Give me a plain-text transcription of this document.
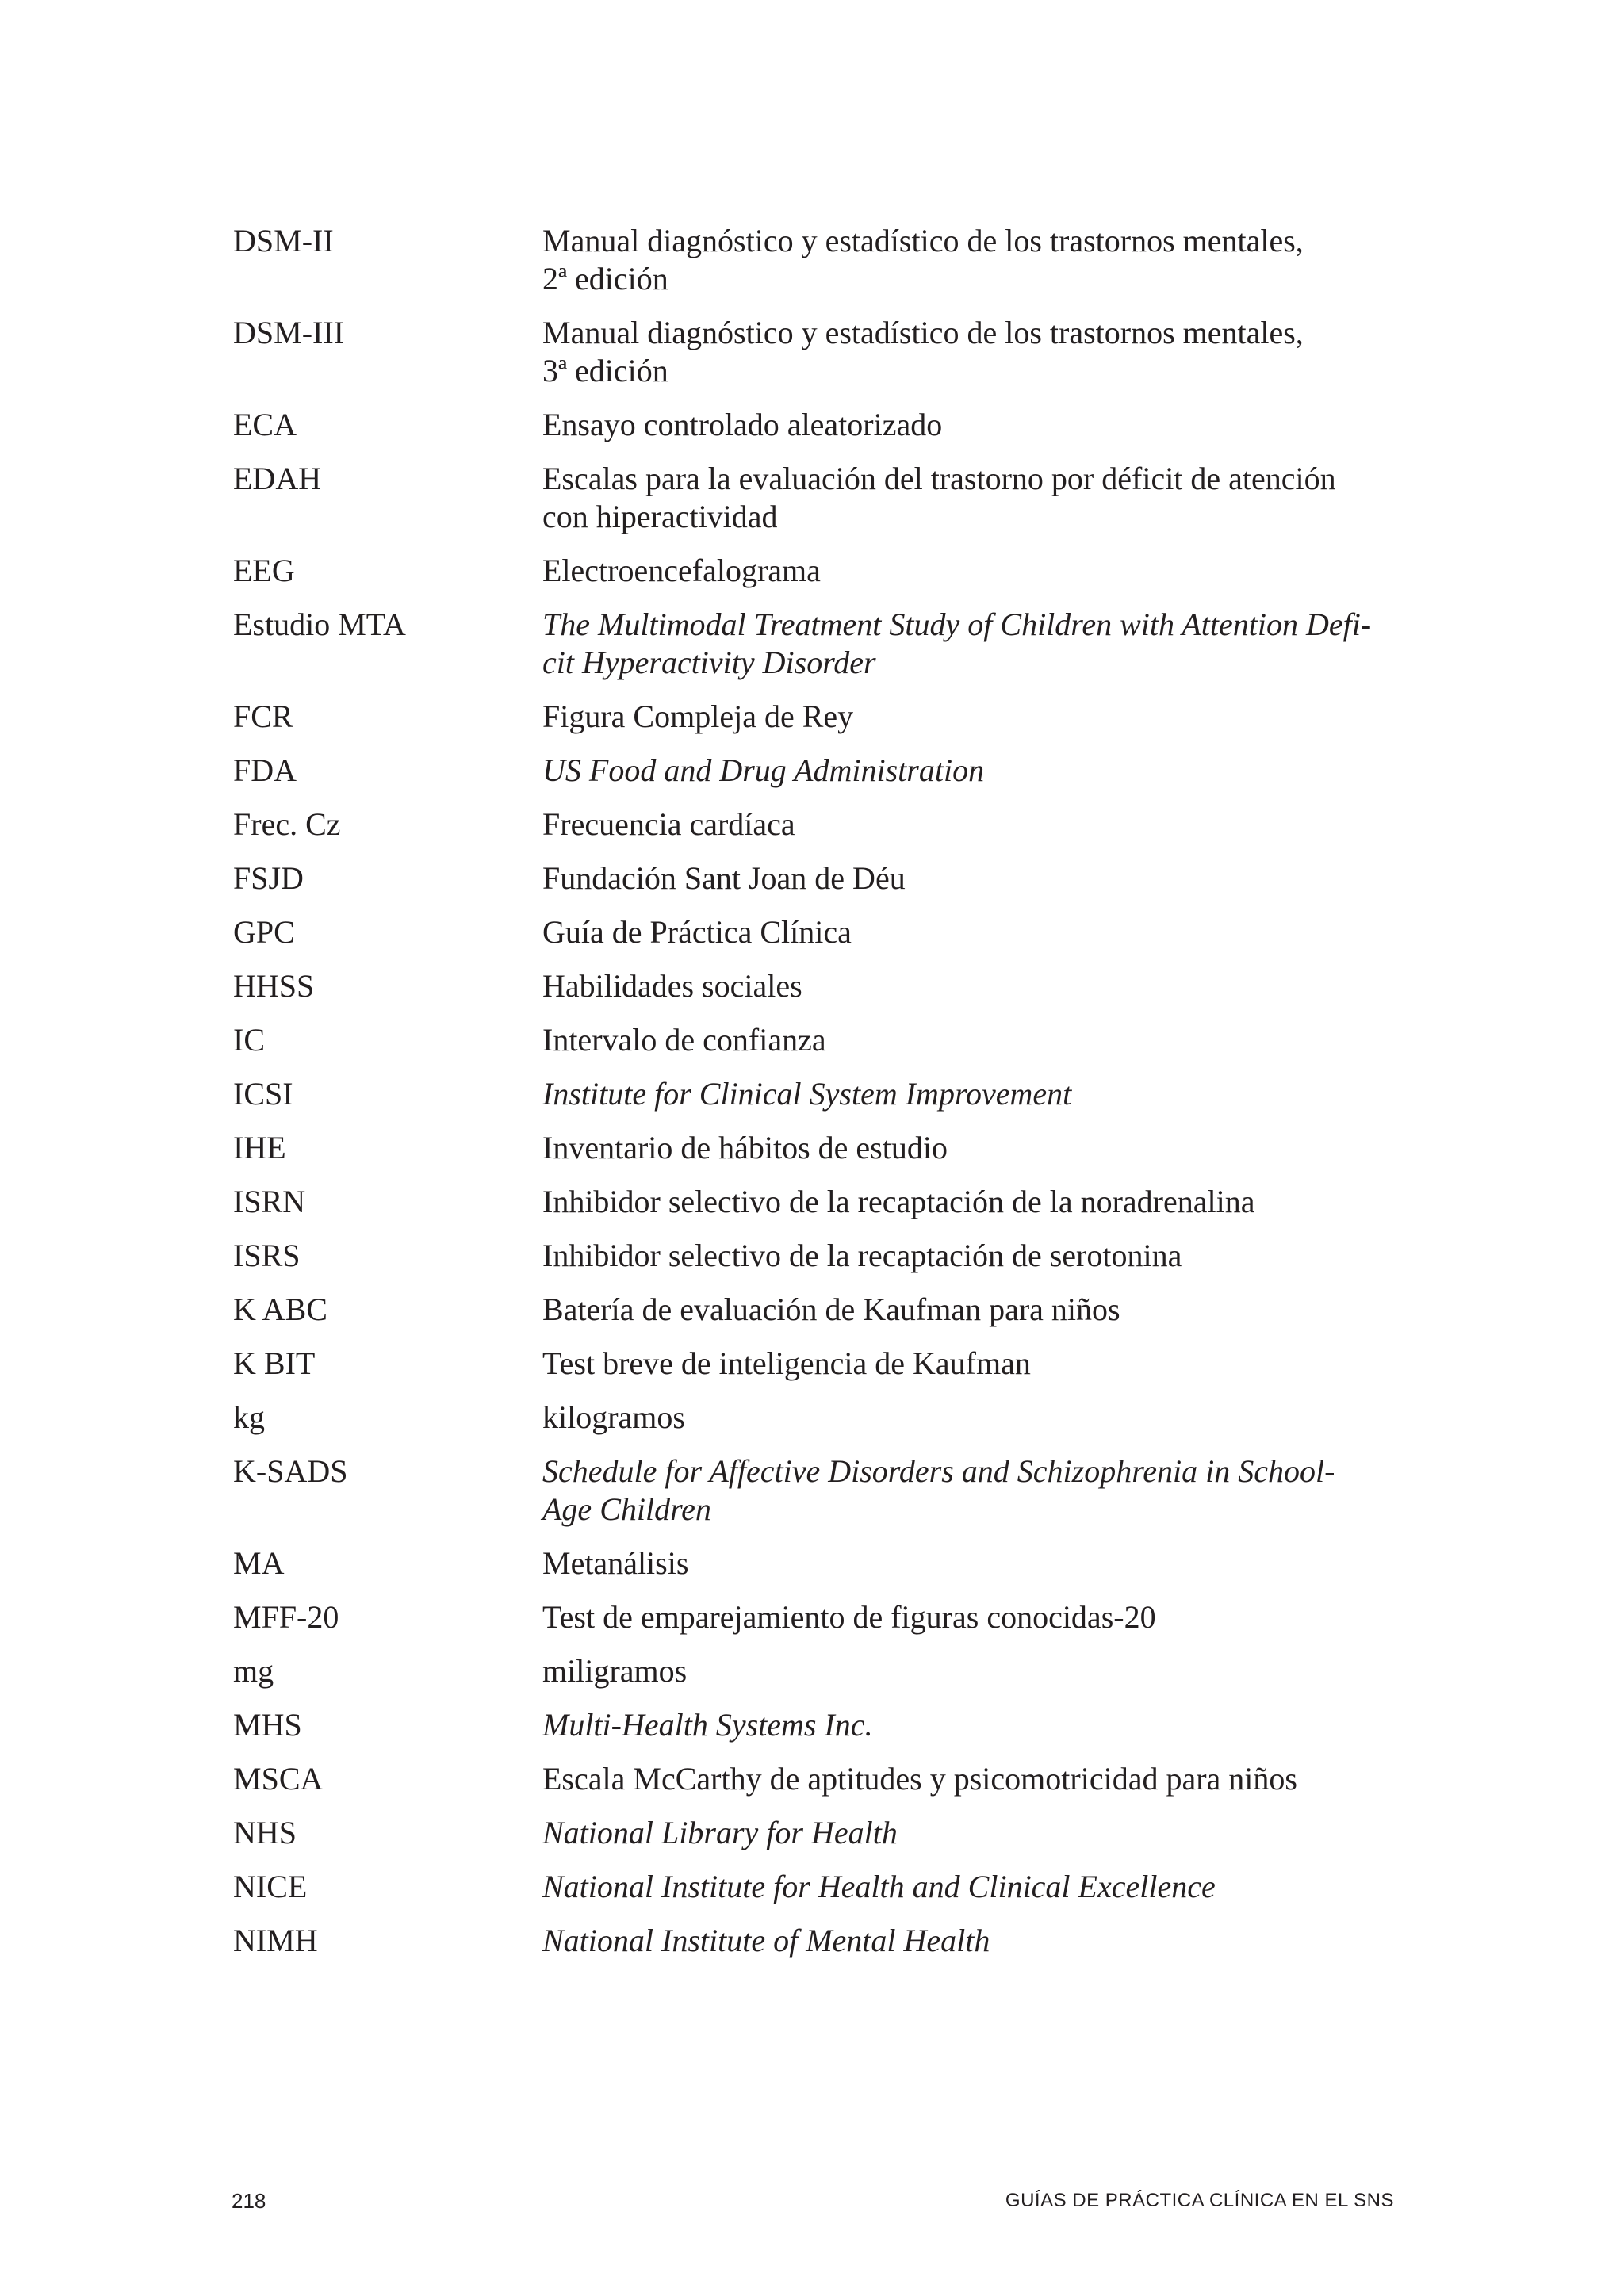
DSM-II	Manual diagnóstico y estadístico de los trastornos mentales,
2ª edición
DSM-III	Manual diagnóstico y estadístico de los trastornos mentales,
3ª edición
ECA	Ensayo controlado aleatorizado
EDAH	Escalas para la evaluación del trastorno por déficit de atención
con hiperactividad
EEG	Electroencefalograma
Estudio MTA	The Multimodal Treatment Study of Children with Attention Defi-
cit Hyperactivity Disorder
FCR	Figura Compleja de Rey
FDA	US Food and Drug Administration
Frec. Cz	Frecuencia cardíaca
FSJD	Fundación Sant Joan de Déu
GPC	Guía de Práctica Clínica
HHSS	Habilidades sociales
IC	Intervalo de confianza
ICSI	Institute for Clinical System Improvement
IHE	Inventario de hábitos de estudio
ISRN	Inhibidor selectivo de la recaptación de la noradrenalina
ISRS	Inhibidor selectivo de la recaptación de serotonina
K ABC	Batería de evaluación de Kaufman para niños
K BIT	Test breve de inteligencia de Kaufman
kg	kilogramos
K-SADS	Schedule for Affective Disorders and Schizophrenia in School-
Age Children
MA	Metanálisis
MFF-20	Test de emparejamiento de figuras conocidas-20
mg	miligramos
MHS	Multi-Health Systems Inc.
MSCA	Escala McCarthy de aptitudes y psicomotricidad para niños
NHS	National Library for Health
NICE	National Institute for Health and Clinical Excellence
NIMH	National Institute of Mental Health
218	GUÍAS DE PRÁCTICA CLÍNICA EN EL SNS
